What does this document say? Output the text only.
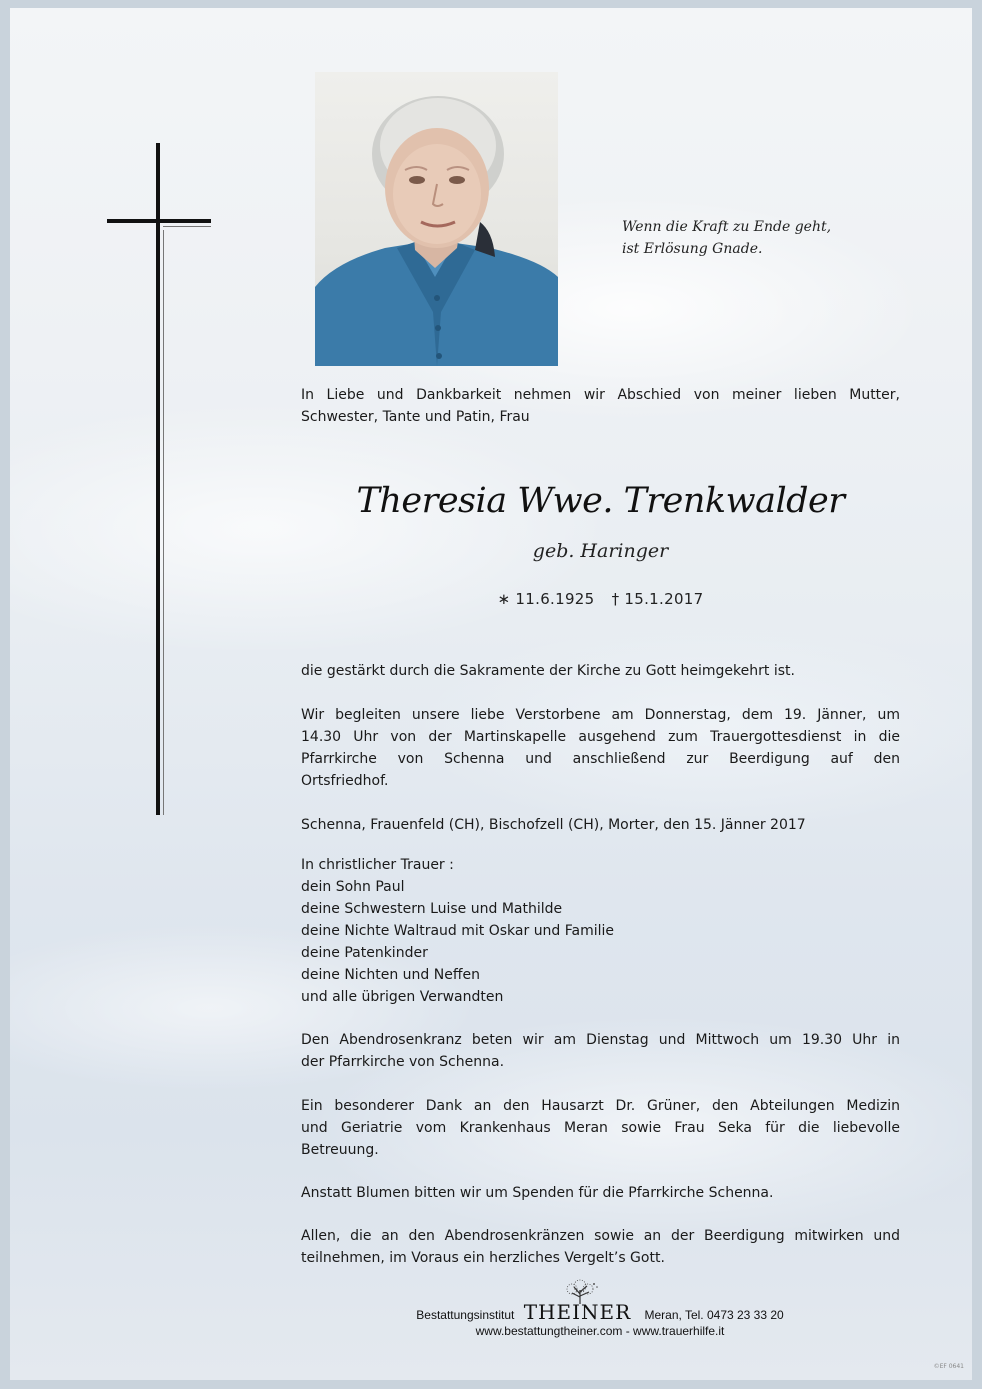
Wenn die Kraft zu Ende geht,
ist Erlösung Gnade.
In Liebe und Dankbarkeit nehmen wir Abschied von meiner lieben Mutter,
Schwester, Tante und Patin, Frau
Theresia Wwe. Trenkwalder
geb. Haringer
∗ 11.6.1925 † 15.1.2017
die gestärkt durch die Sakramente der Kirche zu Gott heimgekehrt ist.
Wir begleiten unsere liebe Verstorbene am Donnerstag, dem 19. Jänner, um
14.30 Uhr von der Martinskapelle ausgehend zum Trauergottesdienst in die
Pfarrkirche von Schenna und anschließend zur Beerdigung auf den
Ortsfriedhof.
Schenna, Frauenfeld (CH), Bischofzell (CH), Morter, den 15. Jänner 2017
In christlicher Trauer :
dein Sohn Paul
deine Schwestern Luise und Mathilde
deine Nichte Waltraud mit Oskar und Familie
deine Patenkinder
deine Nichten und Neffen
und alle übrigen Verwandten
Den Abendrosenkranz beten wir am Dienstag und Mittwoch um 19.30 Uhr in
der Pfarrkirche von Schenna.
Ein besonderer Dank an den Hausarzt Dr. Grüner, den Abteilungen Medizin
und Geriatrie vom Krankenhaus Meran sowie Frau Seka für die liebevolle
Betreuung.
Anstatt Blumen bitten wir um Spenden für die Pfarrkirche Schenna.
Allen, die an den Abendrosenkränzen sowie an der Beerdigung mitwirken und
teilnehmen, im Voraus ein herzliches Vergelt’s Gott.
Bestattungsinstitut THEINER Meran, Tel. 0473 23 33 20
www.bestattungtheiner.com - www.trauerhilfe.it
©EF 0641
